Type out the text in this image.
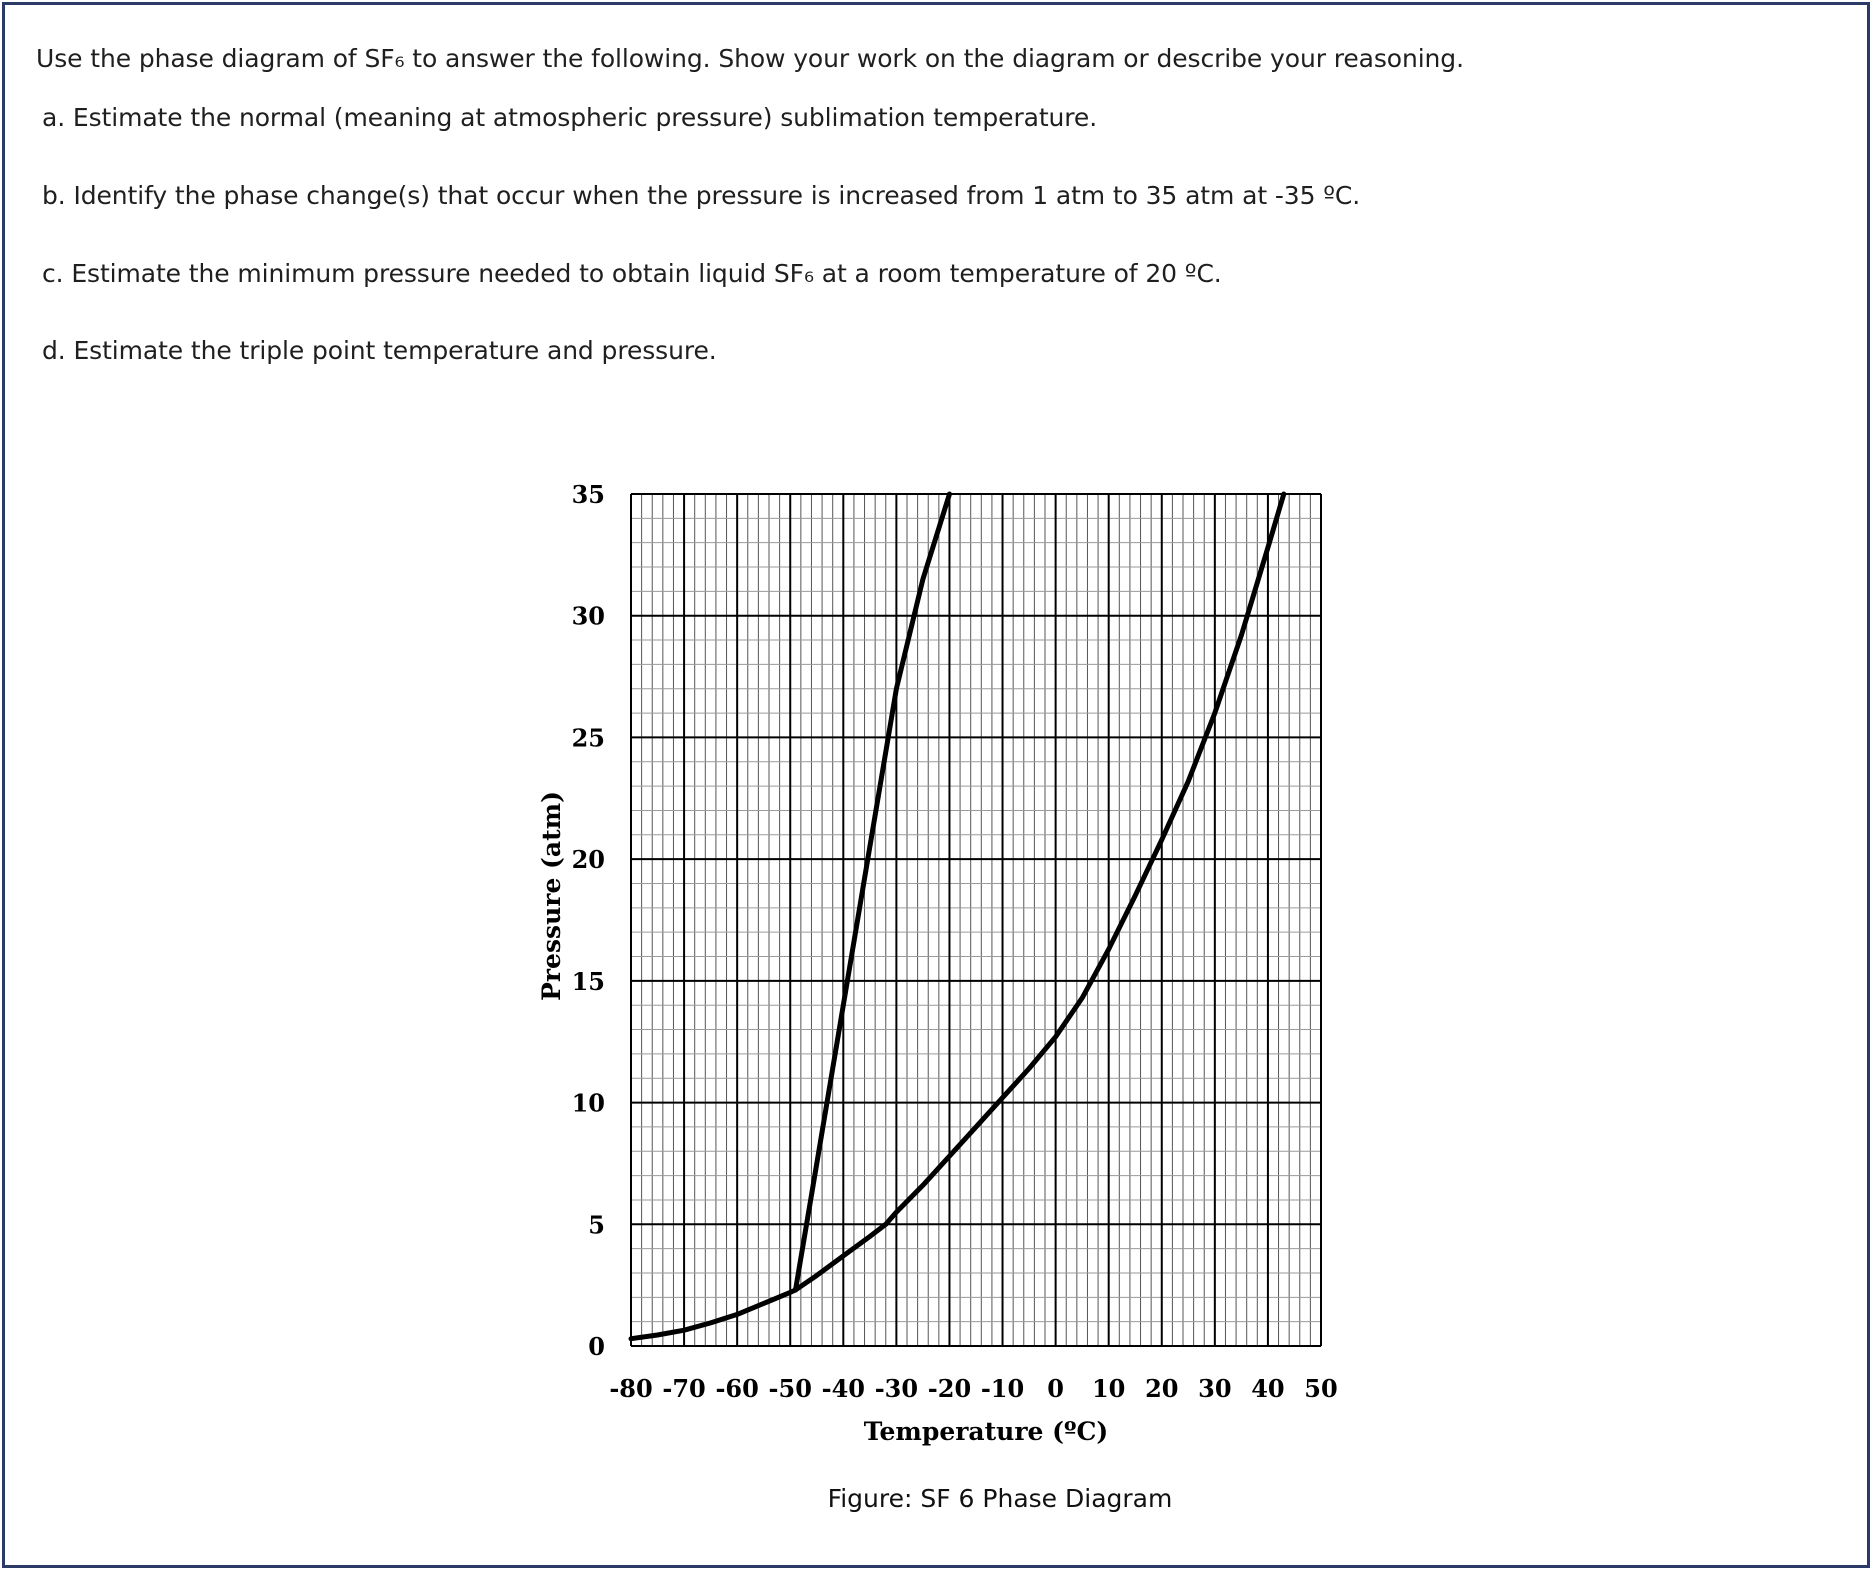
Use the phase diagram of SF₆ to answer the following. Show your work on the diagram or describe your reasoning.
a. Estimate the normal (meaning at atmospheric pressure) sublimation temperature.
b. Identify the phase change(s) that occur when the pressure is increased from 1 atm to 35 atm at -35 ºC.
c. Estimate the minimum pressure needed to obtain liquid SF₆ at a room temperature of 20 ºC.
d. Estimate the triple point temperature and pressure.
-80 -70 -60 -50 -40 -30 -20 -10 0 10 20 30 40 50
0
5
10
15
20
25
30
35
Temperature (ºC)
Pressure (atm)
Figure: SF 6 Phase Diagram
